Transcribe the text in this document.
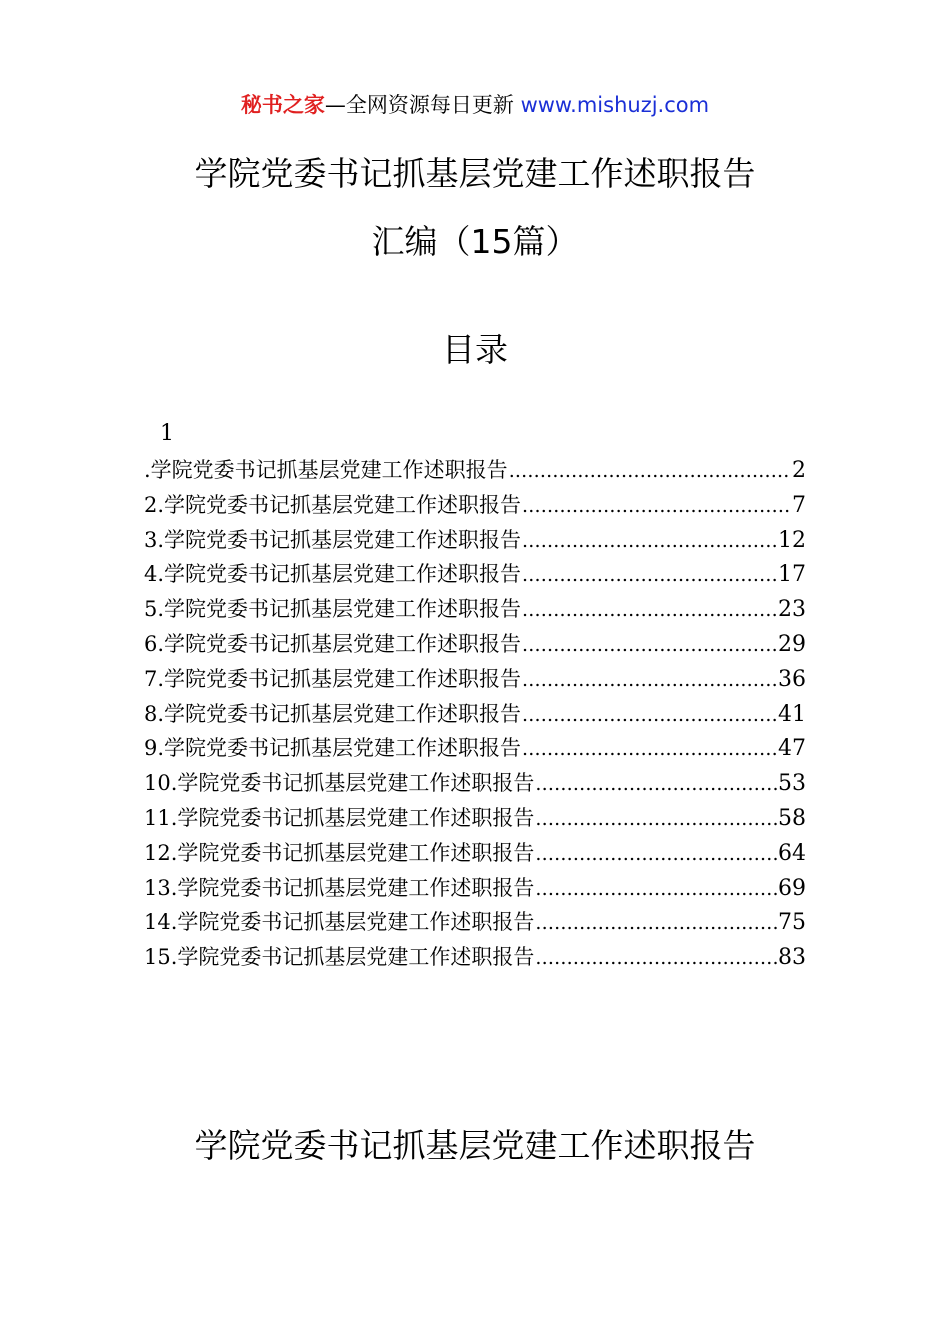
秘书之家—全网资源每日更新 www.mishuzj.com
学院党委书记抓基层党建工作述职报告
汇编（15篇）
目录
1
.学院党委书记抓基层党建工作述职报告 .....	2
2.学院党委书记抓基层党建工作述职报告 .....	7
3.学院党委书记抓基层党建工作述职报告 .....	12
4.学院党委书记抓基层党建工作述职报告 .....	17
5.学院党委书记抓基层党建工作述职报告 .....	23
6.学院党委书记抓基层党建工作述职报告 .....	29
7.学院党委书记抓基层党建工作述职报告 .....	36
8.学院党委书记抓基层党建工作述职报告 .....	41
9.学院党委书记抓基层党建工作述职报告 .....	47
10.学院党委书记抓基层党建工作述职报告 .....	53
11.学院党委书记抓基层党建工作述职报告 .....	58
12.学院党委书记抓基层党建工作述职报告 .....	64
13.学院党委书记抓基层党建工作述职报告 .....	69
14.学院党委书记抓基层党建工作述职报告 .....	75
15.学院党委书记抓基层党建工作述职报告 .....	83
学院党委书记抓基层党建工作述职报告
